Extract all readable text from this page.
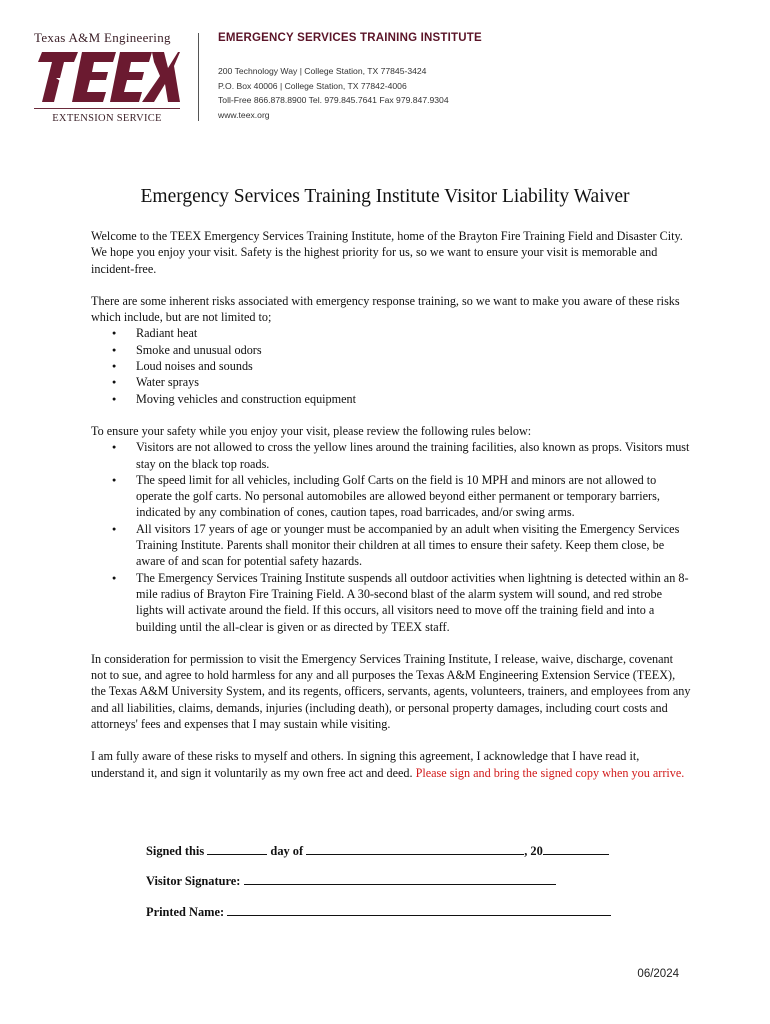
Texas A&M Engineering
TEEX
EXTENSION SERVICE
EMERGENCY SERVICES TRAINING INSTITUTE
200 Technology Way | College Station, TX 77845-3424
P.O. Box 40006 | College Station, TX 77842-4006
Toll-Free 866.878.8900 Tel. 979.845.7641 Fax 979.847.9304
www.teex.org
Emergency Services Training Institute Visitor Liability Waiver

Welcome to the TEEX Emergency Services Training Institute, home of the Brayton Fire Training Field and Disaster City. We hope you enjoy your visit. Safety is the highest priority for us, so we want to ensure your visit is memorable and incident-free.

There are some inherent risks associated with emergency response training, so we want to make you aware of these risks which include, but are not limited to;

● Radiant heat
● Smoke and unusual odors
● Loud noises and sounds
● Water sprays
● Moving vehicles and construction equipment

To ensure your safety while you enjoy your visit, please review the following rules below:

● Visitors are not allowed to cross the yellow lines around the training facilities, also known as props. Visitors must stay on the black top roads.
● The speed limit for all vehicles, including Golf Carts on the field is 10 MPH and minors are not allowed to operate the golf carts. No personal automobiles are allowed beyond either permanent or temporary barriers, indicated by any combination of cones, caution tapes, road barricades, and/or swing arms.
● All visitors 17 years of age or younger must be accompanied by an adult when visiting the Emergency Services Training Institute. Parents shall monitor their children at all times to ensure their safety. Keep them close, be aware of and scan for potential safety hazards.
● The Emergency Services Training Institute suspends all outdoor activities when lightning is detected within an 8-mile radius of Brayton Fire Training Field. A 30-second blast of the alarm system will sound, and red strobe lights will activate around the field. If this occurs, all visitors need to move off the training field and into a building until the all-clear is given or as directed by TEEX staff.

In consideration for permission to visit the Emergency Services Training Institute, I release, waive, discharge, covenant not to sue, and agree to hold harmless for any and all purposes the Texas A&M Engineering Extension Service (TEEX), the Texas A&M University System, and its regents, officers, servants, agents, volunteers, trainers, and employees from any and all liabilities, claims, demands, injuries (including death), or personal property damages, including court costs and attorneys' fees and expenses that I may sustain while visiting.

I am fully aware of these risks to myself and others. In signing this agreement, I acknowledge that I have read it, understand it, and sign it voluntarily as my own free act and deed. Please sign and bring the signed copy when you arrive.

Signed this	day of	, 20
Visitor Signature:
Printed Name:
06/2024
